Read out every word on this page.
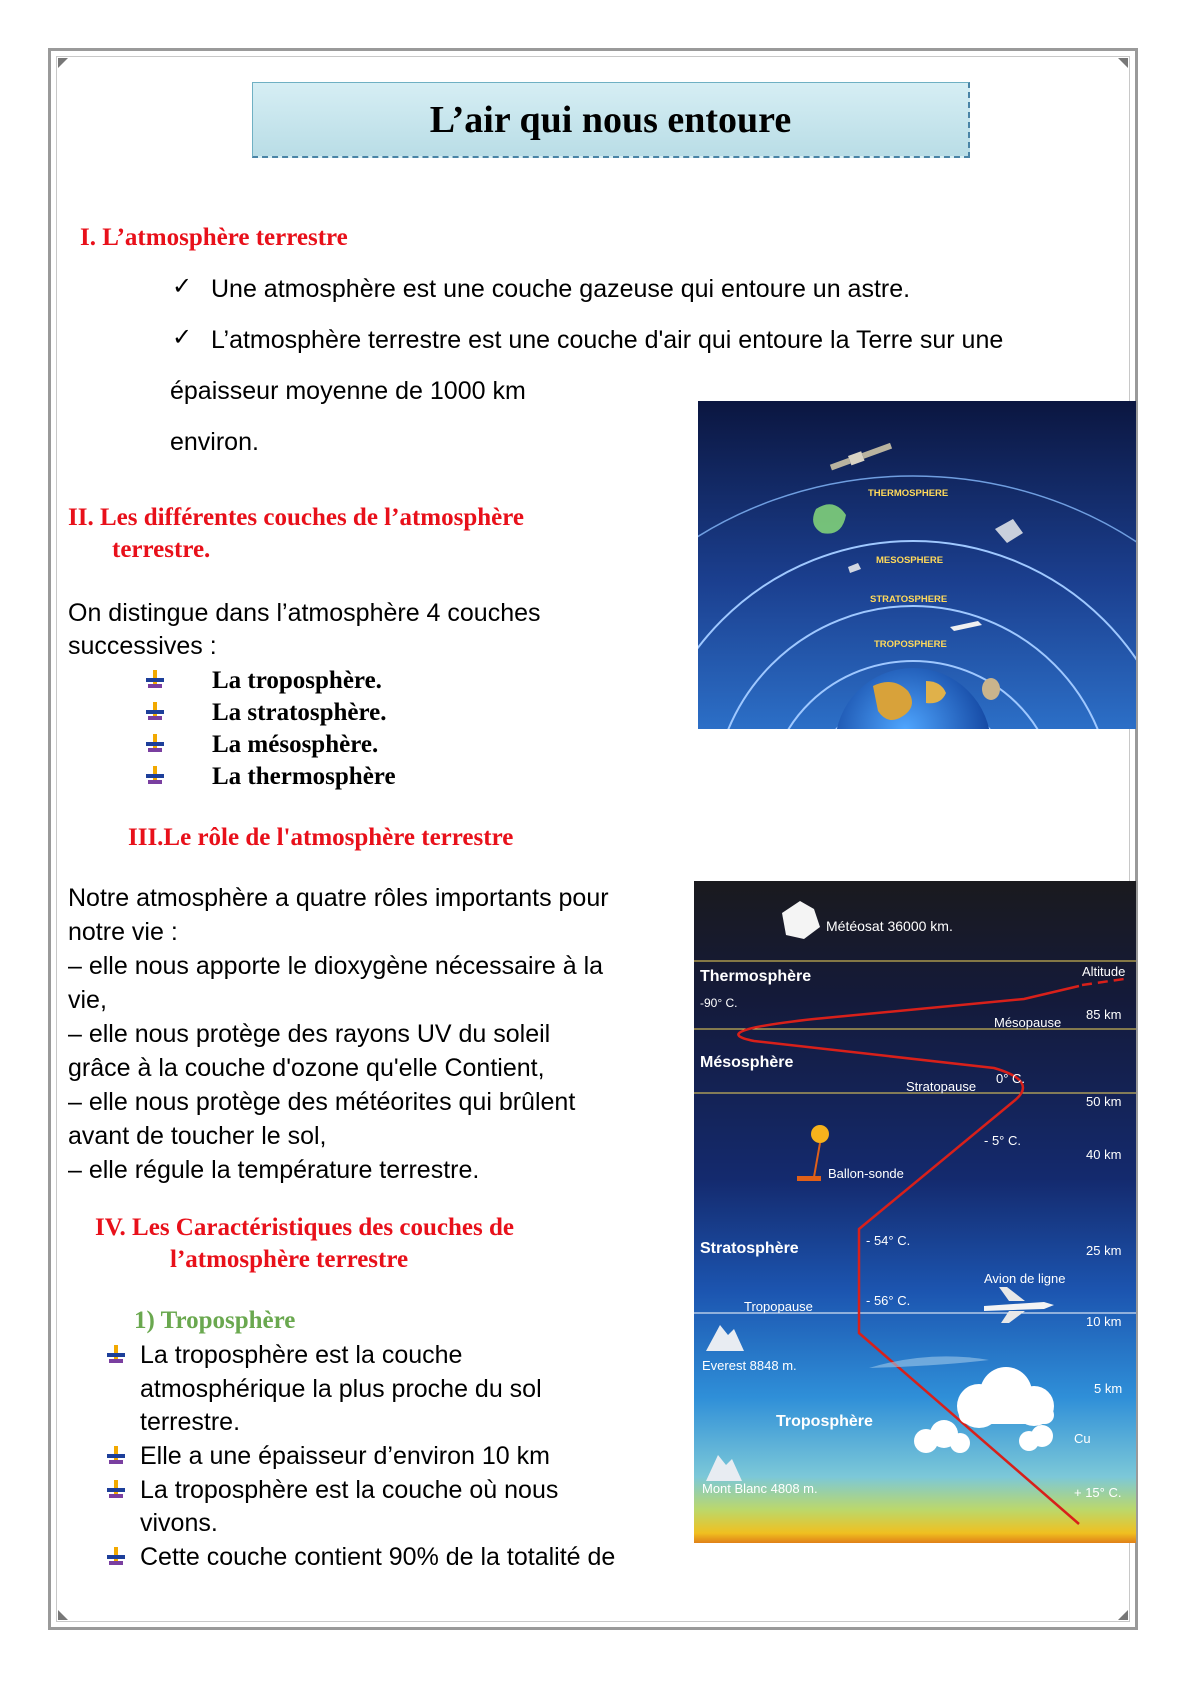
L’air qui nous entoure
I. L’atmosphère terrestre
✓ Une atmosphère est une couche gazeuse qui entoure un astre.
✓ L’atmosphère terrestre est une couche d'air qui entoure la Terre sur une
épaisseur moyenne de 1000 km
environ.
II. Les différentes couches de l’atmosphère
terrestre.
On distingue dans l’atmosphère 4 couches
successives :
La troposphère.
La stratosphère.
La mésosphère.
La thermosphère
III.Le rôle de l'atmosphère terrestre
Notre atmosphère a quatre rôles importants pour
notre vie :
– elle nous apporte le dioxygène nécessaire à la
vie,
– elle nous protège des rayons UV du soleil
grâce à la couche d'ozone qu'elle Contient,
– elle nous protège des météorites qui brûlent
avant de toucher le sol,
– elle régule la température terrestre.
IV. Les Caractéristiques des couches de
l’atmosphère terrestre
1) Troposphère
La troposphère est la couche
atmosphérique la plus proche du sol
terrestre.
Elle a une épaisseur d’environ 10 km
La troposphère est la couche où nous
vivons.
Cette couche contient 90% de la totalité de
THERMOSPHERE
MESOSPHERE
STRATOSPHERE
TROPOSPHERE
Météosat 36000 km.
Altitude
Thermosphère
-90° C.
Mésopause
85 km
Mésosphère
0° C.
Stratopause
50 km
- 5° C.
40 km
Ballon-sonde
Stratosphère	- 54° C.
25 km
Avion de ligne
Tropopause	- 56° C.
10 km
Everest 8848 m.
5 km
Troposphère
Cu
Mont Blanc 4808 m.	+ 15° C.
